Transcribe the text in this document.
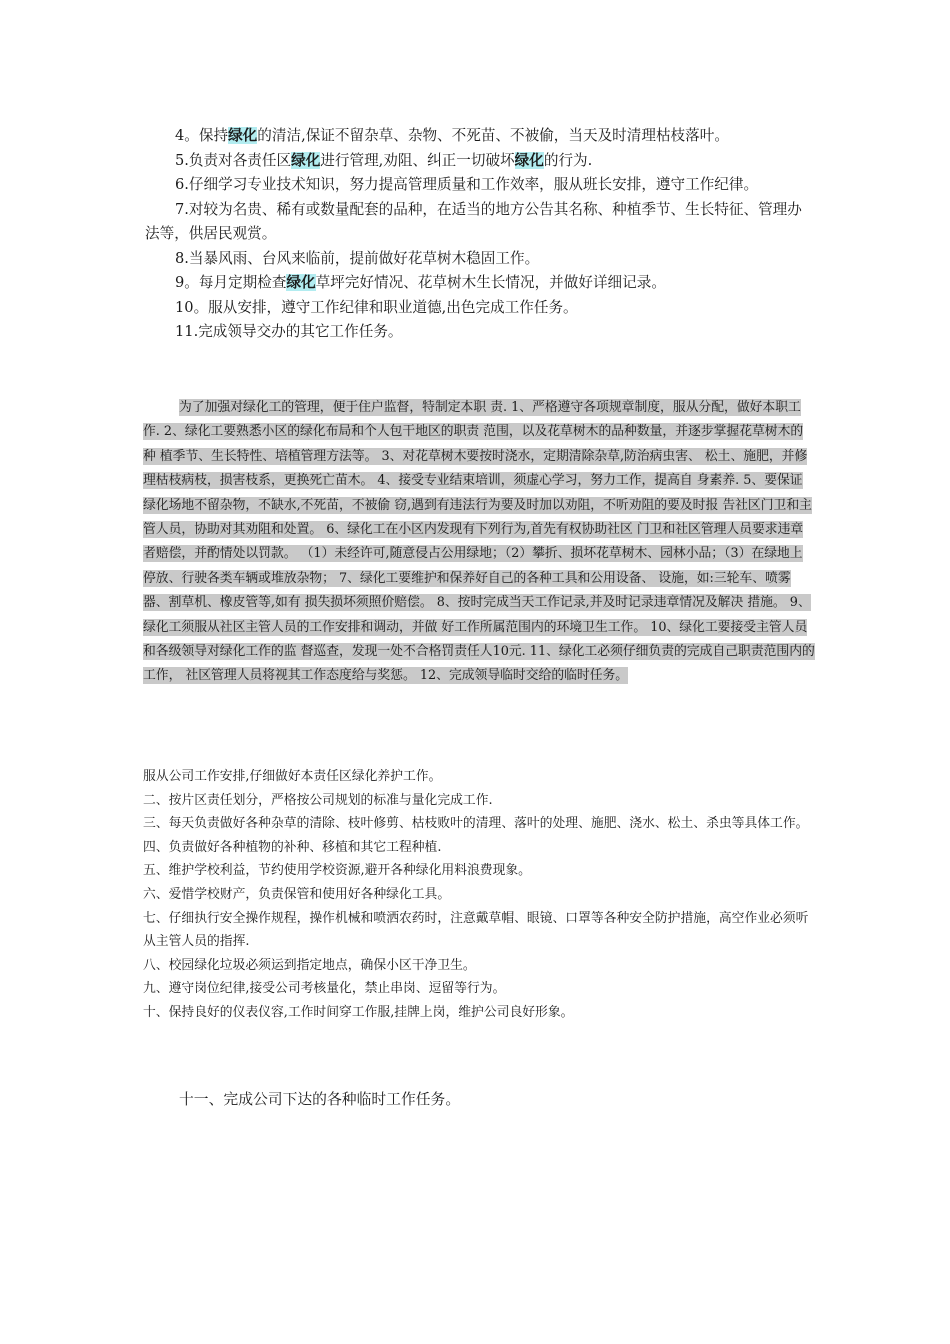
4。保持绿化的清洁,保证不留杂草、杂物、不死苗、不被偷，当天及时清理枯枝落叶。

5.负责对各责任区绿化进行管理,劝阻、纠正一切破坏绿化的行为.

6.仔细学习专业技术知识，努力提高管理质量和工作效率，服从班长安排，遵守工作纪律。

7.对较为名贵、稀有或数量配套的品种，在适当的地方公告其名称、种植季节、生长特征、管理办法等，供居民观赏。

8.当暴风雨、台风来临前，提前做好花草树木稳固工作。

9。每月定期检查绿化草坪完好情况、花草树木生长情况，并做好详细记录。

10。服从安排，遵守工作纪律和职业道德,出色完成工作任务。

11.完成领导交办的其它工作任务。

为了加强对绿化工的管理，便于住户监督，特制定本职 责. 1、严格遵守各项规章制度，服从分配，做好本职工作. 2、绿化工要熟悉小区的绿化布局和个人包干地区的职责 范围，以及花草树木的品种数量，并逐步掌握花草树木的种 植季节、生长特性、培植管理方法等。 3、对花草树木要按时浇水，定期清除杂草,防治病虫害、 松土、施肥，并修理枯枝病枝，损害枝系，更换死亡苗木。 4、接受专业结束培训，须虚心学习，努力工作，提高自 身素养. 5、要保证绿化场地不留杂物，不缺水,不死苗，不被偷 窃,遇到有违法行为要及时加以劝阻，不听劝阻的要及时报 告社区门卫和主管人员，协助对其劝阻和处置。 6、绿化工在小区内发现有下列行为,首先有权协助社区 门卫和社区管理人员要求违章者赔偿，并酌情处以罚款。 （1）未经许可,随意侵占公用绿地；（2）攀折、损坏花草树木、园林小品；（3）在绿地上停放、行驶各类车辆或堆放杂物； 7、绿化工要维护和保养好自己的各种工具和公用设备、 设施，如:三轮车、喷雾器、割草机、橡皮管等,如有 损失损坏须照价赔偿。 8、按时完成当天工作记录,并及时记录违章情况及解决 措施。 9、绿化工须服从社区主管人员的工作安排和调动，并做 好工作所属范围内的环境卫生工作。 10、绿化工要接受主管人员和各级领导对绿化工作的监 督巡查，发现一处不合格罚责任人10元. 11、绿化工必须仔细负责的完成自己职责范围内的工作， 社区管理人员将视其工作态度给与奖惩。 12、完成领导临时交给的临时任务。

服从公司工作安排,仔细做好本责任区绿化养护工作。

二、按片区责任划分，严格按公司规划的标准与量化完成工作.

三、每天负责做好各种杂草的清除、枝叶修剪、枯枝败叶的清理、落叶的处理、施肥、浇水、松土、杀虫等具体工作。

四、负责做好各种植物的补种、移植和其它工程种植.

五、维护学校利益，节约使用学校资源,避开各种绿化用料浪费现象。

六、爱惜学校财产，负责保管和使用好各种绿化工具。

七、仔细执行安全操作规程，操作机械和喷洒农药时，注意戴草帽、眼镜、口罩等各种安全防护措施，高空作业必须听从主管人员的指挥.

八、校园绿化垃圾必须运到指定地点，确保小区干净卫生。

九、遵守岗位纪律,接受公司考核量化，禁止串岗、逗留等行为。

十、保持良好的仪表仪容,工作时间穿工作服,挂牌上岗，维护公司良好形象。

十一、完成公司下达的各种临时工作任务。
